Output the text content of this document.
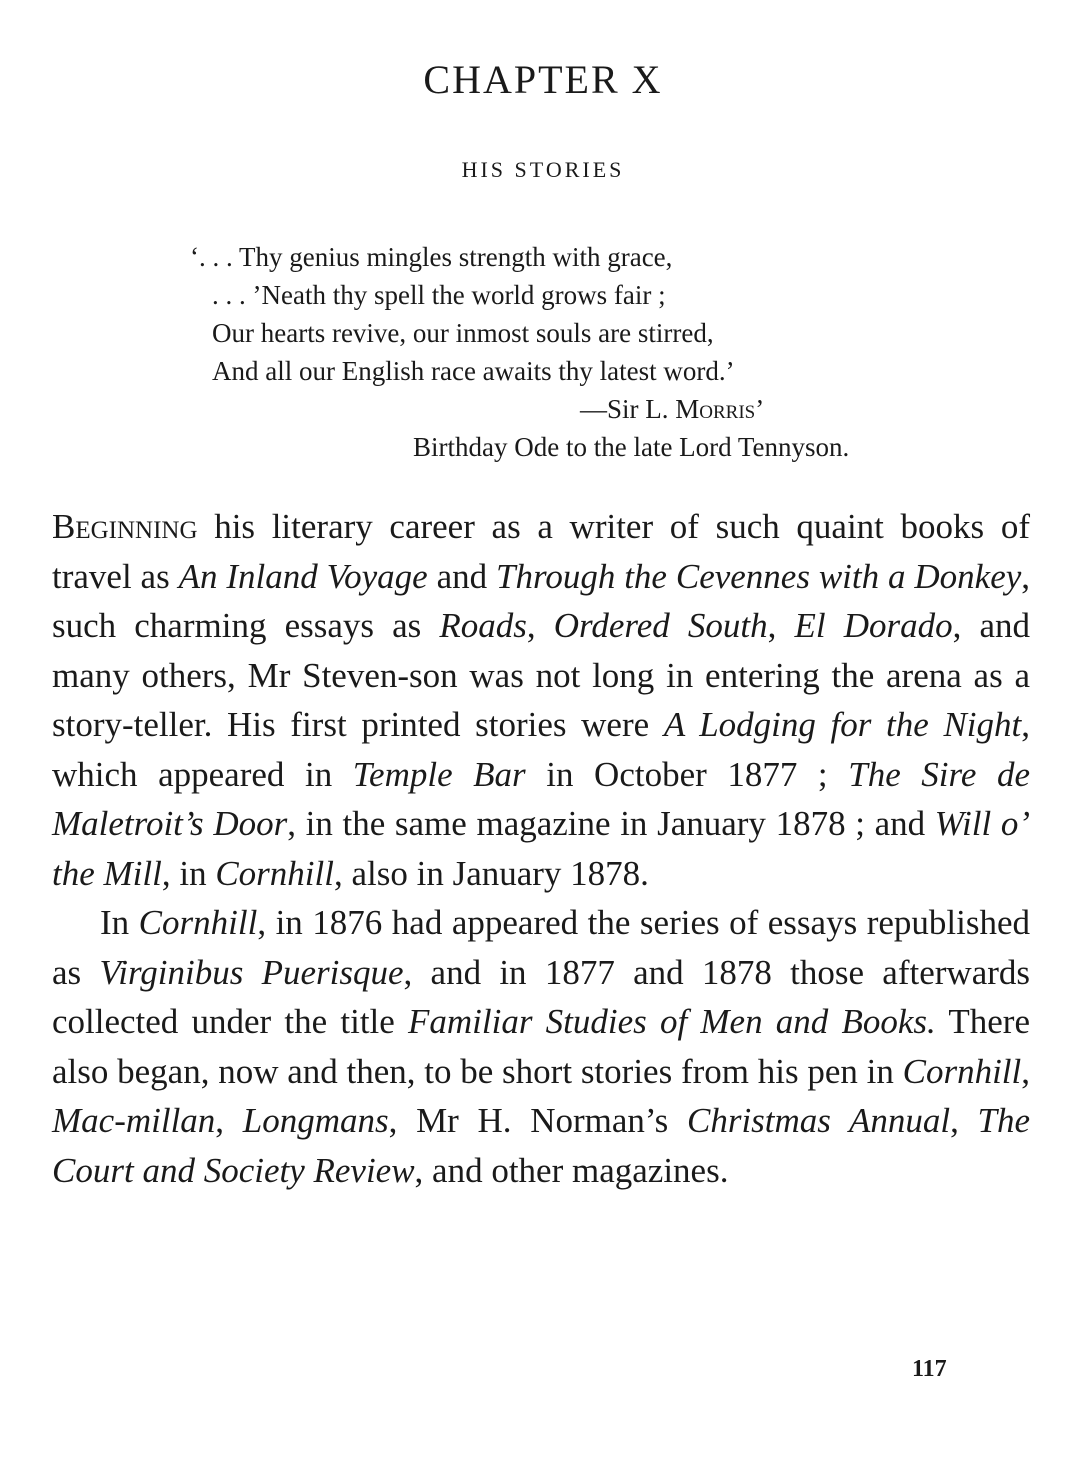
CHAPTER X
HIS STORIES
‘. . . Thy genius mingles strength with grace,
. . . ’Neath thy spell the world grows fair ;
Our hearts revive, our inmost souls are stirred,
And all our English race awaits thy latest word.’
—Sir L. Morris’
Birthday Ode to the late Lord Tennyson.

Beginning his literary career as a writer of such quaint books of travel as An Inland Voyage and Through the Cevennes with a Donkey, such charming essays as Roads, Ordered South, El Dorado, and many others, Mr Steven-son was not long in entering the arena as a story-teller. His first printed stories were A Lodging for the Night, which appeared in Temple Bar in October 1877 ; The Sire de Maletroit’s Door, in the same magazine in January 1878 ; and Will o’ the Mill, in Cornhill, also in January 1878.

In Cornhill, in 1876 had appeared the series of essays republished as Virginibus Puerisque, and in 1877 and 1878 those afterwards collected under the title Familiar Studies of Men and Books. There also began, now and then, to be short stories from his pen in Cornhill, Mac-millan, Longmans, Mr H. Norman’s Christmas Annual, The Court and Society Review, and other magazines.

117
